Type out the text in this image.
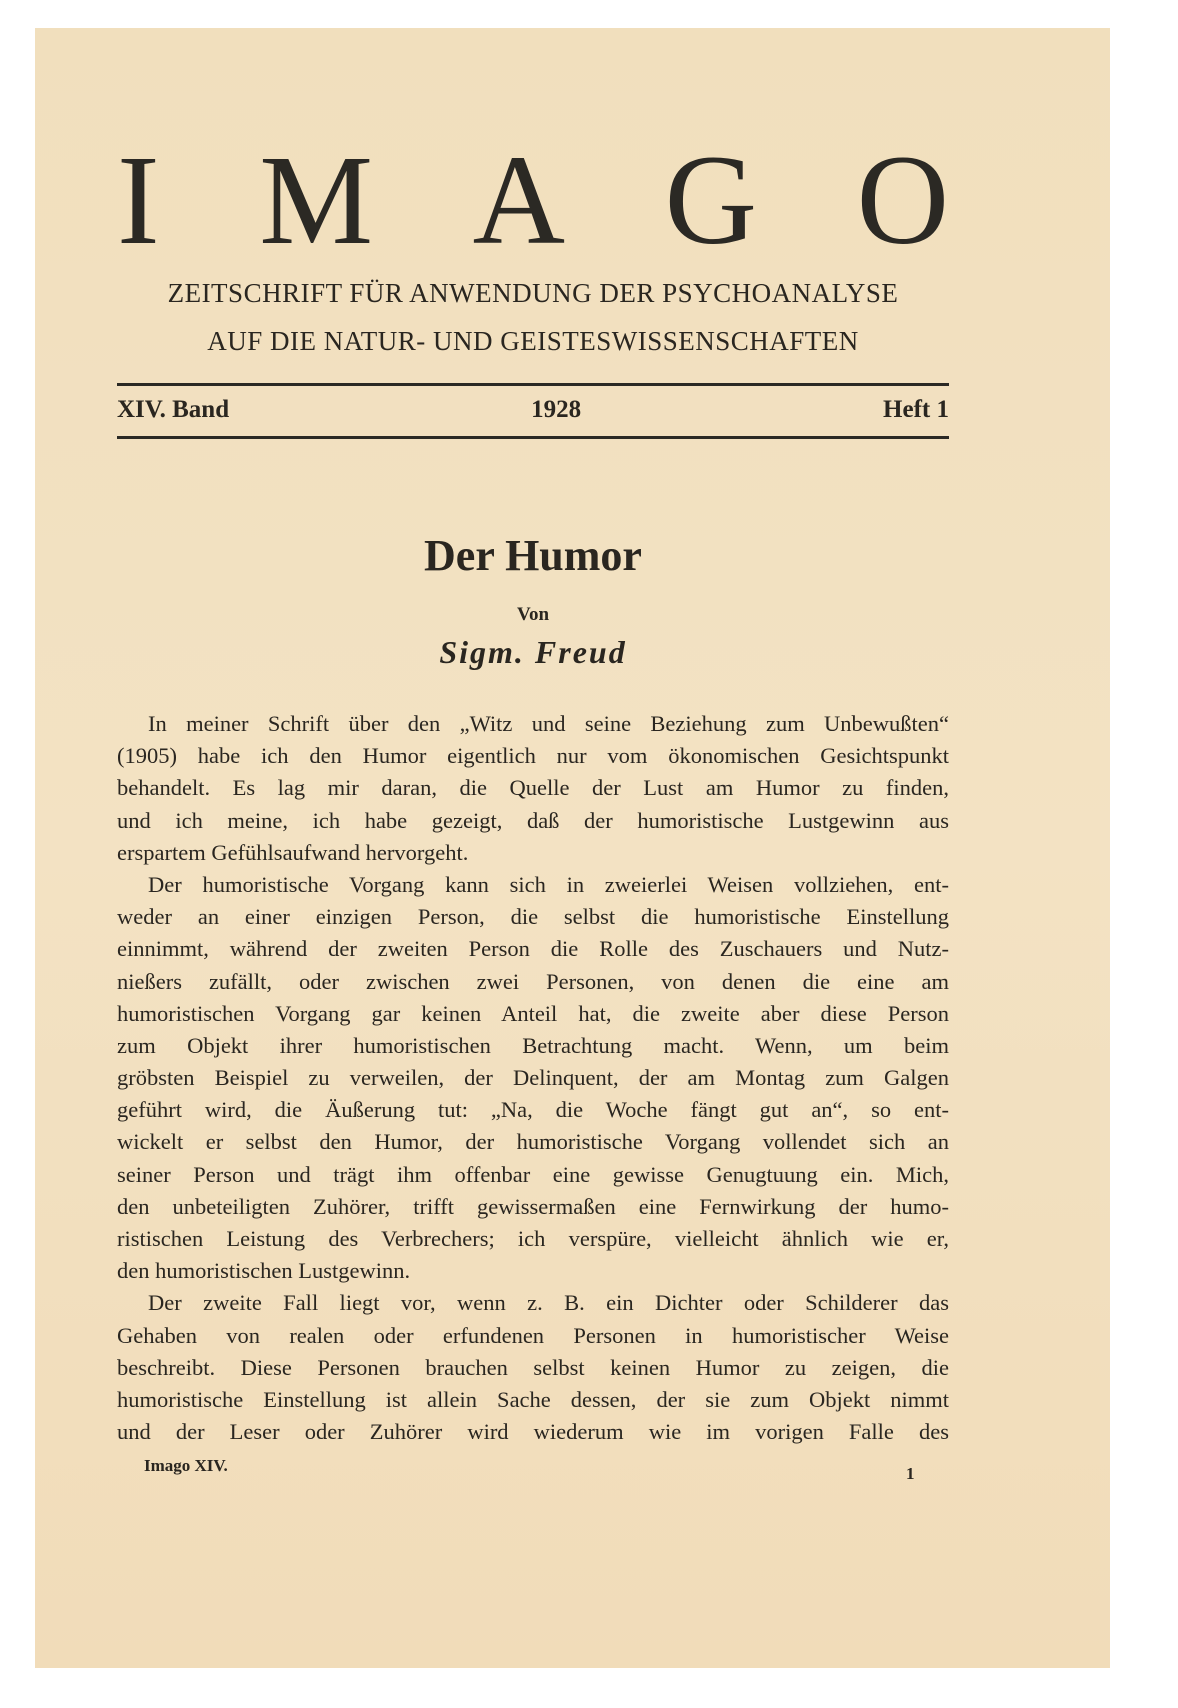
I M A G O
ZEITSCHRIFT FÜR ANWENDUNG DER PSYCHOANALYSE
AUF DIE NATUR- UND GEISTESWISSENSCHAFTEN
XIV. Band	1928	Heft 1
Der Humor
Von
Sigm. Freud
In meiner Schrift über den „Witz und seine Beziehung zum Unbewußten“
(1905) habe ich den Humor eigentlich nur vom ökonomischen Gesichtspunkt
behandelt. Es lag mir daran, die Quelle der Lust am Humor zu finden,
und ich meine, ich habe gezeigt, daß der humoristische Lustgewinn aus
erspartem Gefühlsaufwand hervorgeht.
Der humoristische Vorgang kann sich in zweierlei Weisen vollziehen, ent-
weder an einer einzigen Person, die selbst die humoristische Einstellung
einnimmt, während der zweiten Person die Rolle des Zuschauers und Nutz-
nießers zufällt, oder zwischen zwei Personen, von denen die eine am
humoristischen Vorgang gar keinen Anteil hat, die zweite aber diese Person
zum Objekt ihrer humoristischen Betrachtung macht. Wenn, um beim
gröbsten Beispiel zu verweilen, der Delinquent, der am Montag zum Galgen
geführt wird, die Äußerung tut: „Na, die Woche fängt gut an“, so ent-
wickelt er selbst den Humor, der humoristische Vorgang vollendet sich an
seiner Person und trägt ihm offenbar eine gewisse Genugtuung ein. Mich,
den unbeteiligten Zuhörer, trifft gewissermaßen eine Fernwirkung der humo-
ristischen Leistung des Verbrechers; ich verspüre, vielleicht ähnlich wie er,
den humoristischen Lustgewinn.
Der zweite Fall liegt vor, wenn z. B. ein Dichter oder Schilderer das
Gehaben von realen oder erfundenen Personen in humoristischer Weise
beschreibt. Diese Personen brauchen selbst keinen Humor zu zeigen, die
humoristische Einstellung ist allein Sache dessen, der sie zum Objekt nimmt
und der Leser oder Zuhörer wird wiederum wie im vorigen Falle des
Imago XIV.	1
